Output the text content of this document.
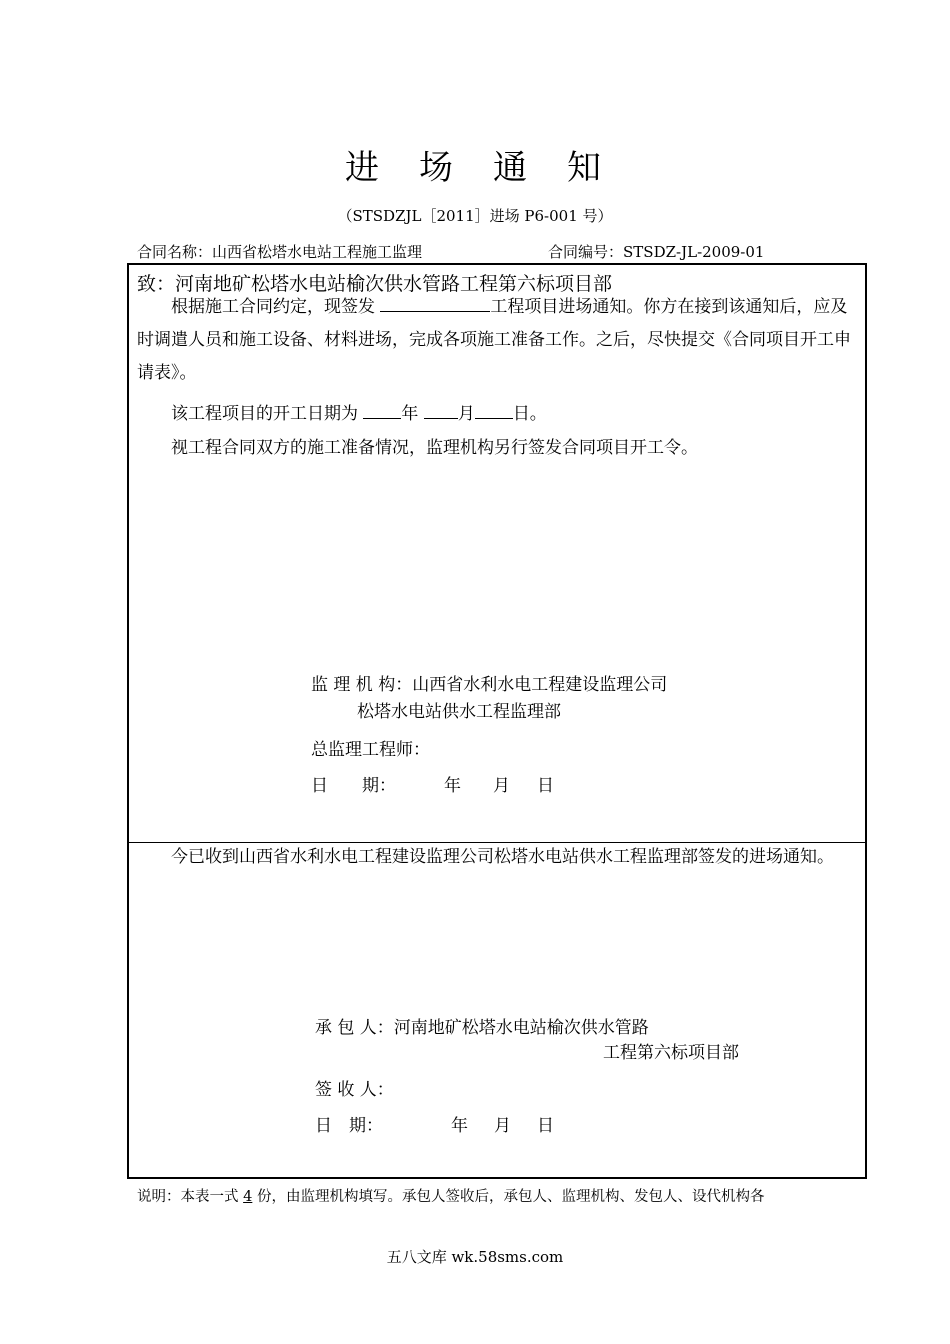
进 场 通 知
（STSDZJL［2011］进场 P6-001 号）
合同名称：山西省松塔水电站工程施工监理	合同编号：STSDZ-JL-2009-01
致：河南地矿松塔水电站榆次供水管路工程第六标项目部
根据施工合同约定，现签发	工程项目进场通知。你方在接到该通知后，应及时调遣人员和施工设备、材料进场，完成各项施工准备工作。之后，尽快提交《合同项目开工申请表》。
该工程项目的开工日期为 年 月 日。
视工程合同双方的施工准备情况，监理机构另行签发合同项目开工令。
监 理 机 构：山西省水利水电工程建设监理公司
松塔水电站供水工程监理部
总监理工程师：
日　　期：	年 月 日
今已收到山西省水利水电工程建设监理公司松塔水电站供水工程监理部签发的进场通知。
承 包 人：河南地矿松塔水电站榆次供水管路
工程第六标项目部
签 收 人：
日　期：	年 月 日
说明：本表一式 4 份，由监理机构填写。承包人签收后，承包人、监理机构、发包人、设代机构各
五八文库 wk.58sms.com
